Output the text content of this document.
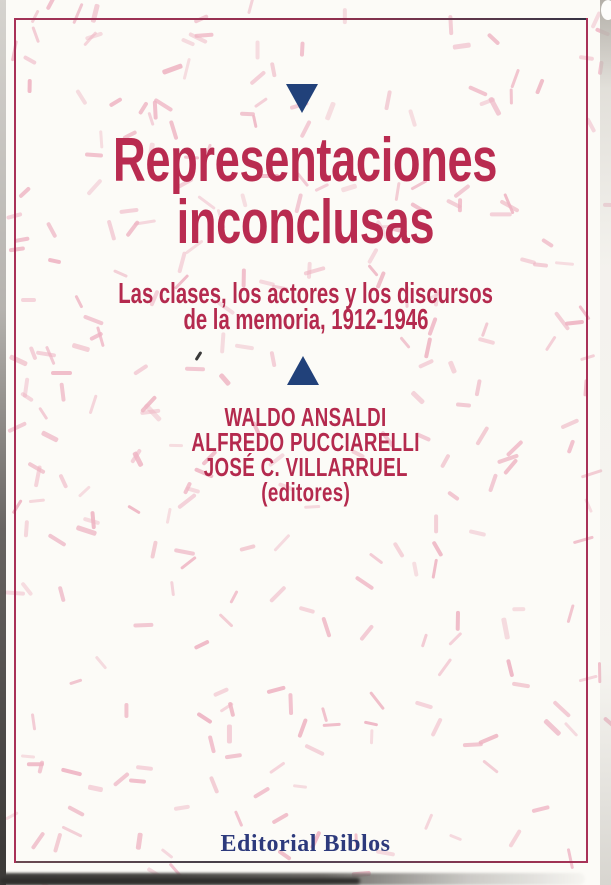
Representaciones
inconclusas
Las clases, los actores y los discursos
de la memoria, 1912-1946
WALDO ANSALDI
ALFREDO PUCCIARELLI
JOSÉ C. VILLARRUEL
(editores)
Editorial Biblos
